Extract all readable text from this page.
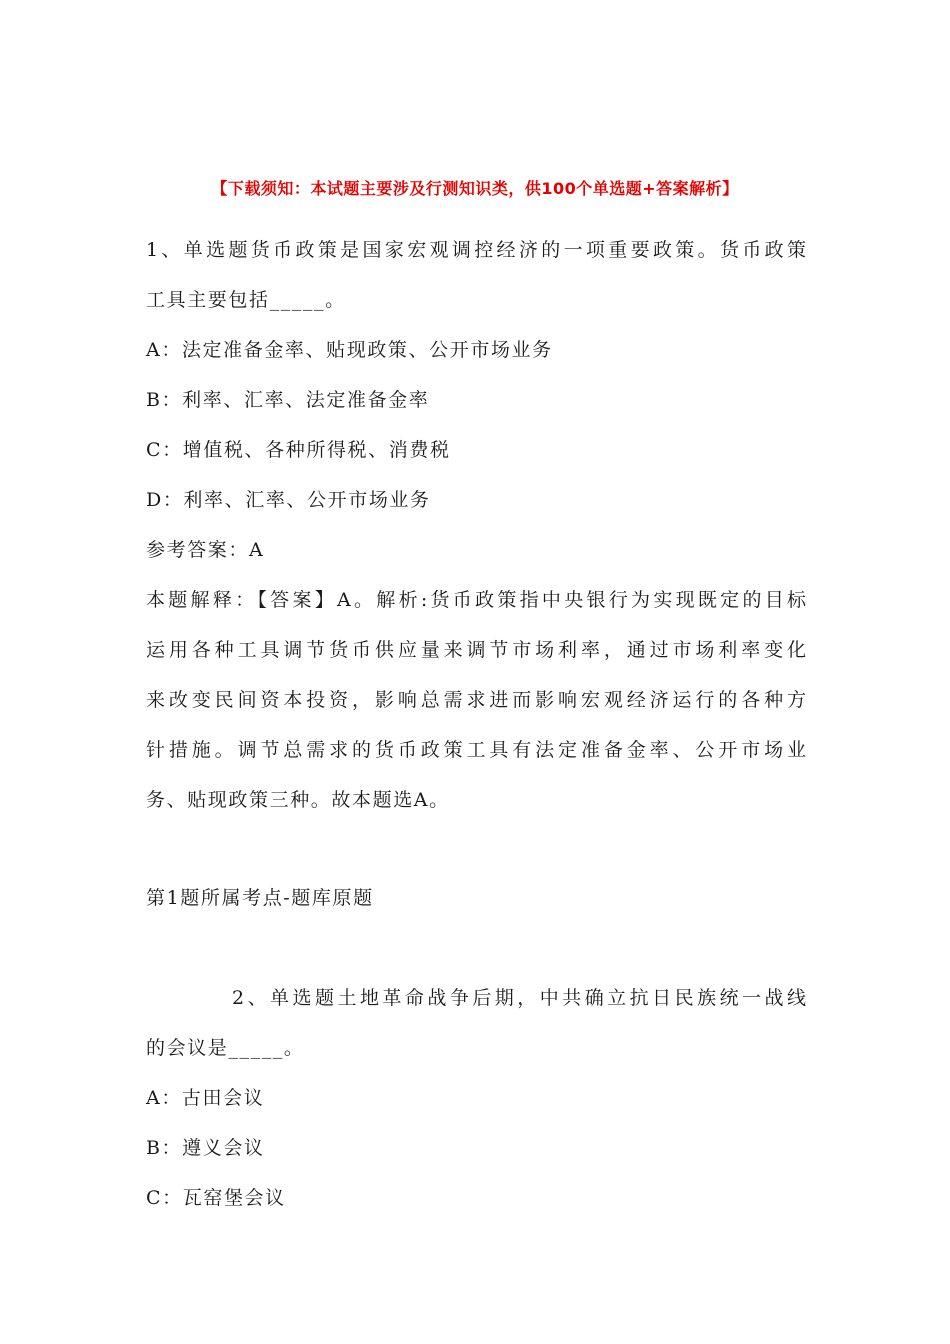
【下载须知：本试题主要涉及行测知识类，供100个单选题+答案解析】
1、单选题货币政策是国家宏观调控经济的一项重要政策。货币政策
工具主要包括_____。
A：法定准备金率、贴现政策、公开市场业务
B：利率、汇率、法定准备金率
C：增值税、各种所得税、消费税
D：利率、汇率、公开市场业务
参考答案：A
本题解释：【答案】A。解析:货币政策指中央银行为实现既定的目标
运用各种工具调节货币供应量来调节市场利率，通过市场利率变化
来改变民间资本投资，影响总需求进而影响宏观经济运行的各种方
针措施。调节总需求的货币政策工具有法定准备金率、公开市场业
务、贴现政策三种。故本题选A。
第1题所属考点-题库原题
2、单选题土地革命战争后期，中共确立抗日民族统一战线
的会议是_____。
A：古田会议
B：遵义会议
C：瓦窑堡会议
